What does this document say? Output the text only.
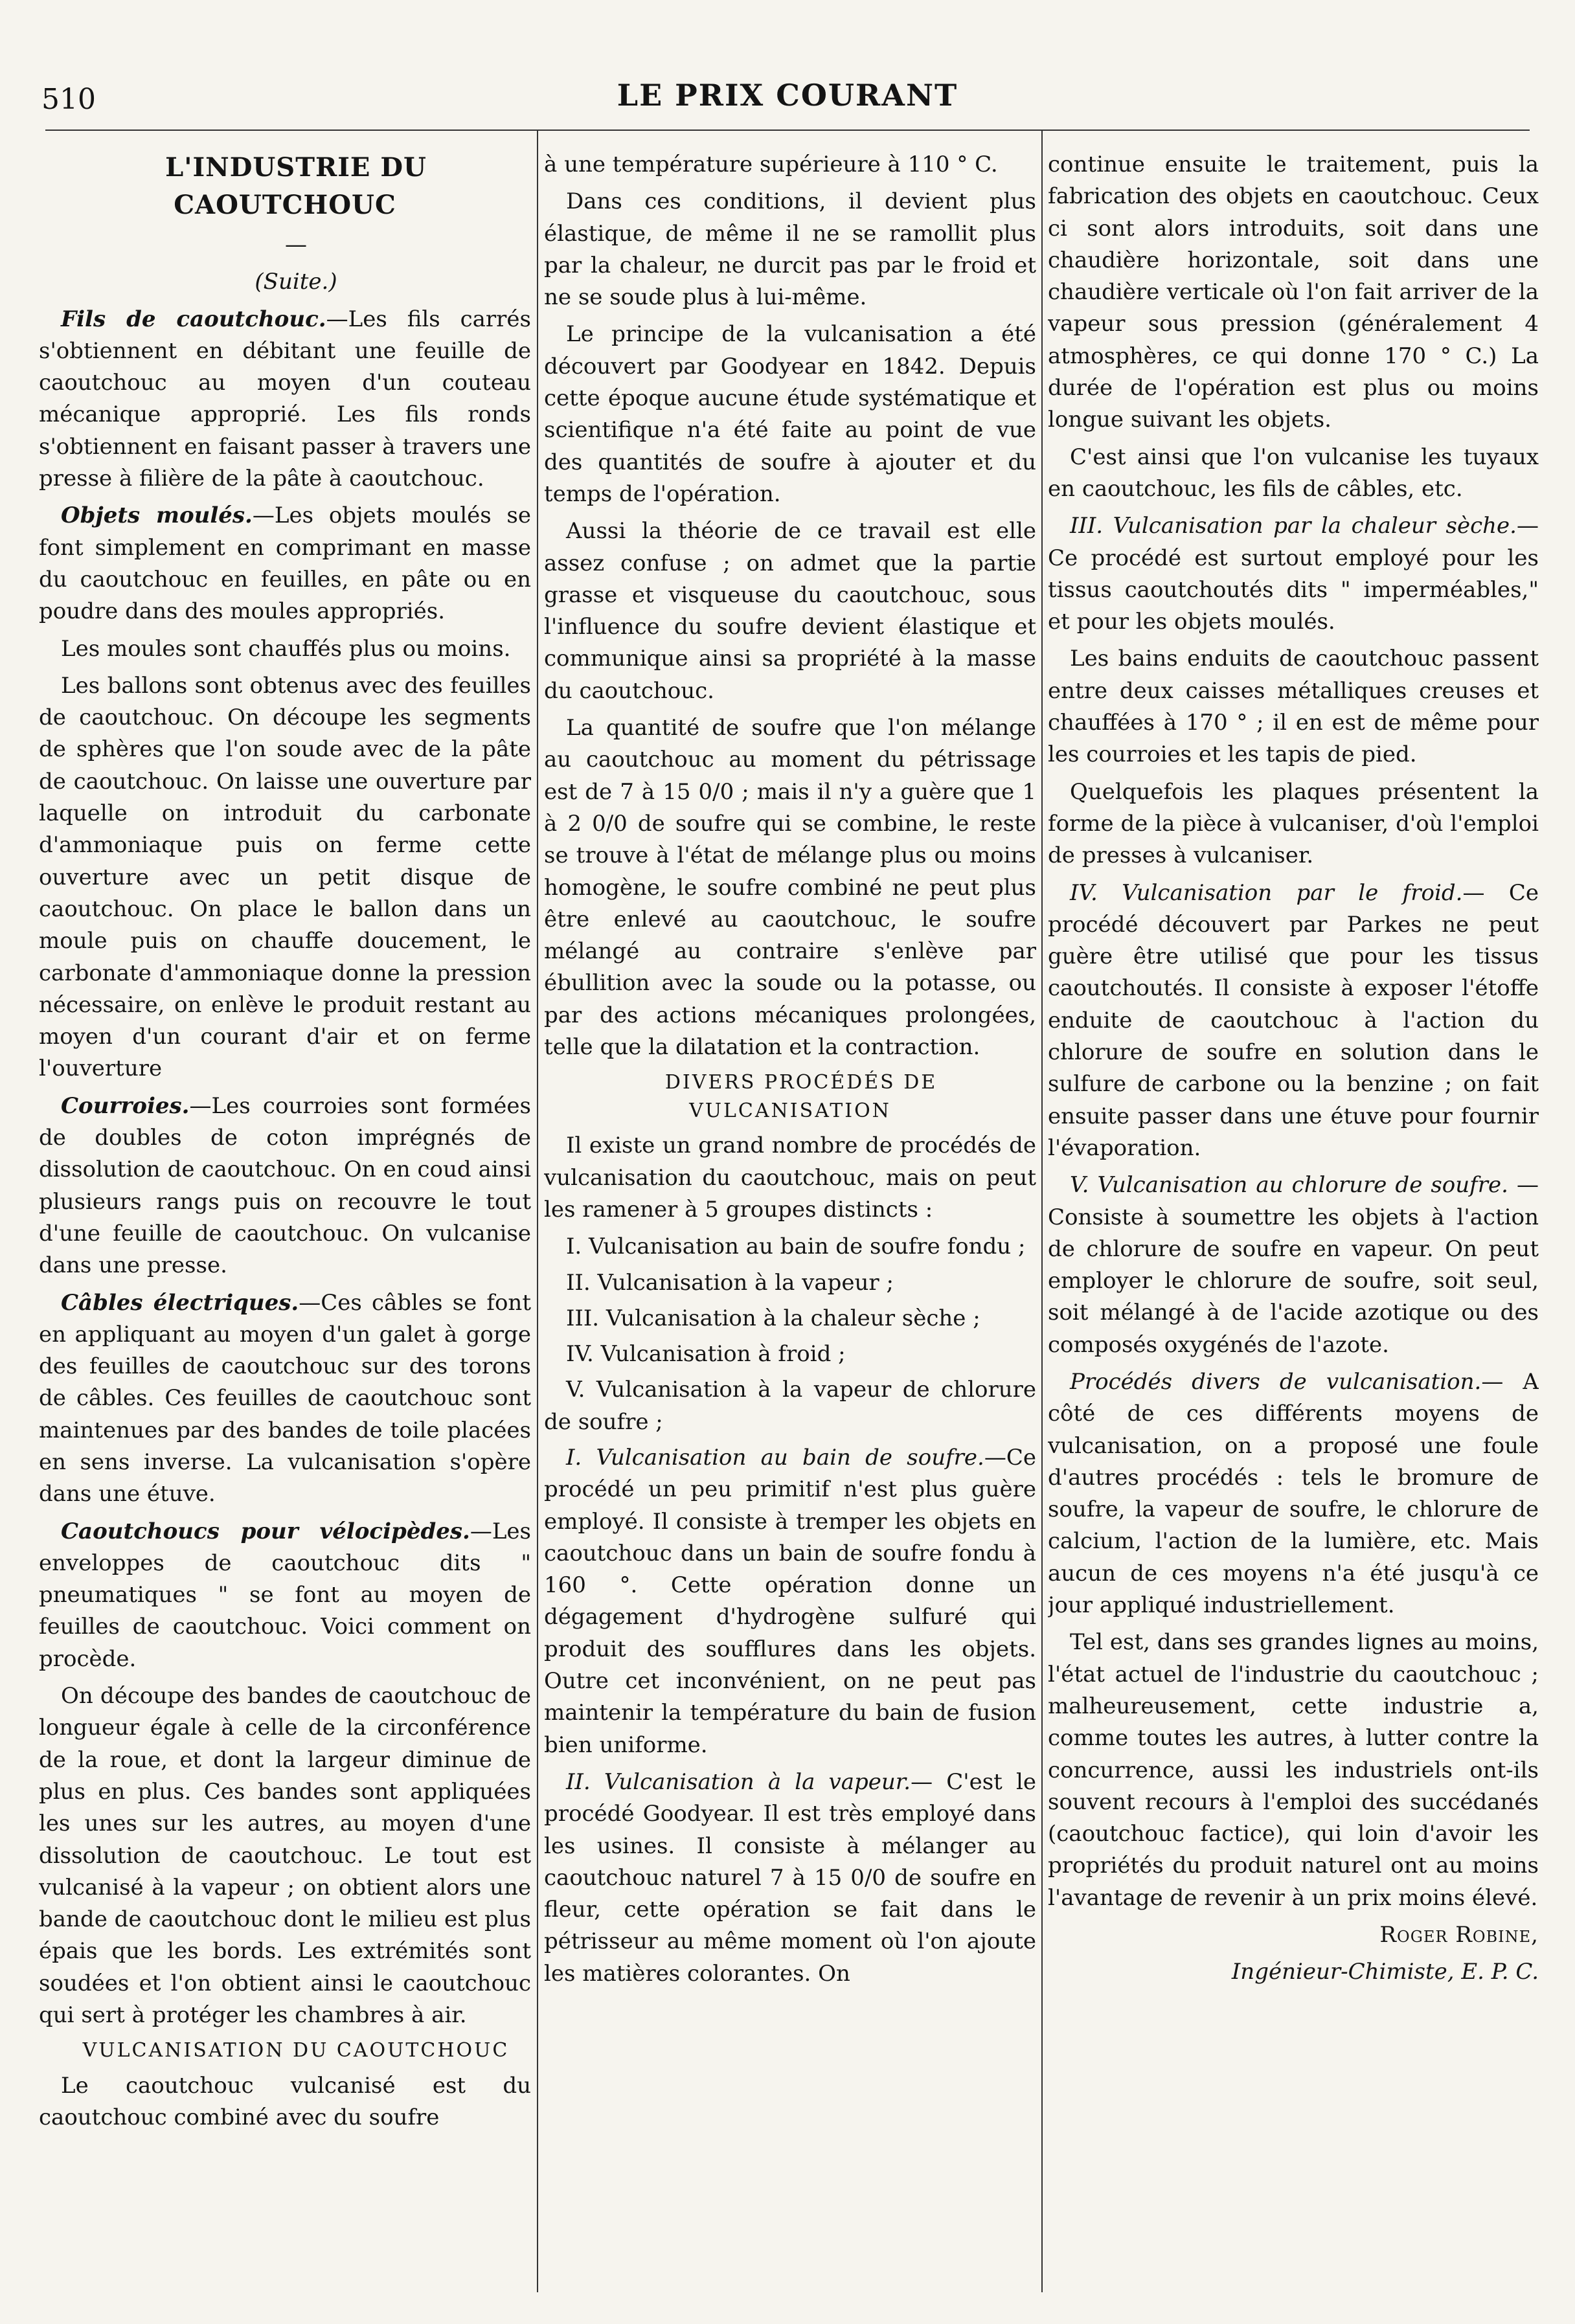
510	LE PRIX COURANT

L'INDUSTRIE DU CAOUTCHOUC

—

(Suite.)

Fils de caoutchouc.—Les fils carrés s'obtiennent en débitant une feuille de caoutchouc au moyen d'un couteau mécanique approprié. Les fils ronds s'obtiennent en faisant passer à travers une presse à filière de la pâte à caoutchouc.

Objets moulés.—Les objets moulés se font simplement en comprimant en masse du caoutchouc en feuilles, en pâte ou en poudre dans des moules appropriés.

Les moules sont chauffés plus ou moins.

Les ballons sont obtenus avec des feuilles de caoutchouc. On découpe les segments de sphères que l'on soude avec de la pâte de caoutchouc. On laisse une ouverture par laquelle on introduit du carbonate d'ammoniaque puis on ferme cette ouverture avec un petit disque de caoutchouc. On place le ballon dans un moule puis on chauffe doucement, le carbonate d'ammoniaque donne la pression nécessaire, on enlève le produit restant au moyen d'un courant d'air et on ferme l'ouverture

Courroies.—Les courroies sont formées de doubles de coton imprégnés de dissolution de caoutchouc. On en coud ainsi plusieurs rangs puis on recouvre le tout d'une feuille de caoutchouc. On vulcanise dans une presse.

Câbles électriques.—Ces câbles se font en appliquant au moyen d'un galet à gorge des feuilles de caoutchouc sur des torons de câbles. Ces feuilles de caoutchouc sont maintenues par des bandes de toile placées en sens inverse. La vulcanisation s'opère dans une étuve.

Caoutchoucs pour vélocipèdes.—Les enveloppes de caoutchouc dits " pneumatiques " se font au moyen de feuilles de caoutchouc. Voici comment on procède.

On découpe des bandes de caoutchouc de longueur égale à celle de la circonférence de la roue, et dont la largeur diminue de plus en plus. Ces bandes sont appliquées les unes sur les autres, au moyen d'une dissolution de caoutchouc. Le tout est vulcanisé à la vapeur ; on obtient alors une bande de caoutchouc dont le milieu est plus épais que les bords. Les extrémités sont soudées et l'on obtient ainsi le caoutchouc qui sert à protéger les chambres à air.

VULCANISATION DU CAOUTCHOUC

Le caoutchouc vulcanisé est du caoutchouc combiné avec du soufre

à une température supérieure à 110 ° C.

Dans ces conditions, il devient plus élastique, de même il ne se ramollit plus par la chaleur, ne durcit pas par le froid et ne se soude plus à lui-même.

Le principe de la vulcanisation a été découvert par Goodyear en 1842. Depuis cette époque aucune étude systématique et scientifique n'a été faite au point de vue des quantités de soufre à ajouter et du temps de l'opération.

Aussi la théorie de ce travail est elle assez confuse ; on admet que la partie grasse et visqueuse du caoutchouc, sous l'influence du soufre devient élastique et communique ainsi sa propriété à la masse du caoutchouc.

La quantité de soufre que l'on mélange au caoutchouc au moment du pétrissage est de 7 à 15 0/0 ; mais il n'y a guère que 1 à 2 0/0 de soufre qui se combine, le reste se trouve à l'état de mélange plus ou moins homogène, le soufre combiné ne peut plus être enlevé au caoutchouc, le soufre mélangé au contraire s'enlève par ébullition avec la soude ou la potasse, ou par des actions mécaniques prolongées, telle que la dilatation et la contraction.

DIVERS PROCÉDÉS DE VULCANISATION

Il existe un grand nombre de procédés de vulcanisation du caoutchouc, mais on peut les ramener à 5 groupes distincts :

I. Vulcanisation au bain de soufre fondu ;

II. Vulcanisation à la vapeur ;

III. Vulcanisation à la chaleur sèche ;

IV. Vulcanisation à froid ;

V. Vulcanisation à la vapeur de chlorure de soufre ;

I. Vulcanisation au bain de soufre.—Ce procédé un peu primitif n'est plus guère employé. Il consiste à tremper les objets en caoutchouc dans un bain de soufre fondu à 160 °. Cette opération donne un dégagement d'hydrogène sulfuré qui produit des soufflures dans les objets. Outre cet inconvénient, on ne peut pas maintenir la température du bain de fusion bien uniforme.

II. Vulcanisation à la vapeur.— C'est le procédé Goodyear. Il est très employé dans les usines. Il consiste à mélanger au caoutchouc naturel 7 à 15 0/0 de soufre en fleur, cette opération se fait dans le pétrisseur au même moment où l'on ajoute les matières colorantes. On

continue ensuite le traitement, puis la fabrication des objets en caoutchouc. Ceux ci sont alors introduits, soit dans une chaudière horizontale, soit dans une chaudière verticale où l'on fait arriver de la vapeur sous pression (généralement 4 atmosphères, ce qui donne 170 ° C.) La durée de l'opération est plus ou moins longue suivant les objets.

C'est ainsi que l'on vulcanise les tuyaux en caoutchouc, les fils de câbles, etc.

III. Vulcanisation par la chaleur sèche.—Ce procédé est surtout employé pour les tissus caoutchoutés dits " imperméables," et pour les objets moulés.

Les bains enduits de caoutchouc passent entre deux caisses métalliques creuses et chauffées à 170 ° ; il en est de même pour les courroies et les tapis de pied.

Quelquefois les plaques présentent la forme de la pièce à vulcaniser, d'où l'emploi de presses à vulcaniser.

IV. Vulcanisation par le froid.— Ce procédé découvert par Parkes ne peut guère être utilisé que pour les tissus caoutchoutés. Il consiste à exposer l'étoffe enduite de caoutchouc à l'action du chlorure de soufre en solution dans le sulfure de carbone ou la benzine ; on fait ensuite passer dans une étuve pour fournir l'évaporation.

V. Vulcanisation au chlorure de soufre. — Consiste à soumettre les objets à l'action de chlorure de soufre en vapeur. On peut employer le chlorure de soufre, soit seul, soit mélangé à de l'acide azotique ou des composés oxygénés de l'azote.

Procédés divers de vulcanisation.— A côté de ces différents moyens de vulcanisation, on a proposé une foule d'autres procédés : tels le bromure de soufre, la vapeur de soufre, le chlorure de calcium, l'action de la lumière, etc. Mais aucun de ces moyens n'a été jusqu'à ce jour appliqué industriellement.

Tel est, dans ses grandes lignes au moins, l'état actuel de l'industrie du caoutchouc ; malheureusement, cette industrie a, comme toutes les autres, à lutter contre la concurrence, aussi les industriels ont-ils souvent recours à l'emploi des succédanés (caoutchouc factice), qui loin d'avoir les propriétés du produit naturel ont au moins l'avantage de revenir à un prix moins élevé.

Roger Robine,

Ingénieur-Chimiste, E. P. C.
